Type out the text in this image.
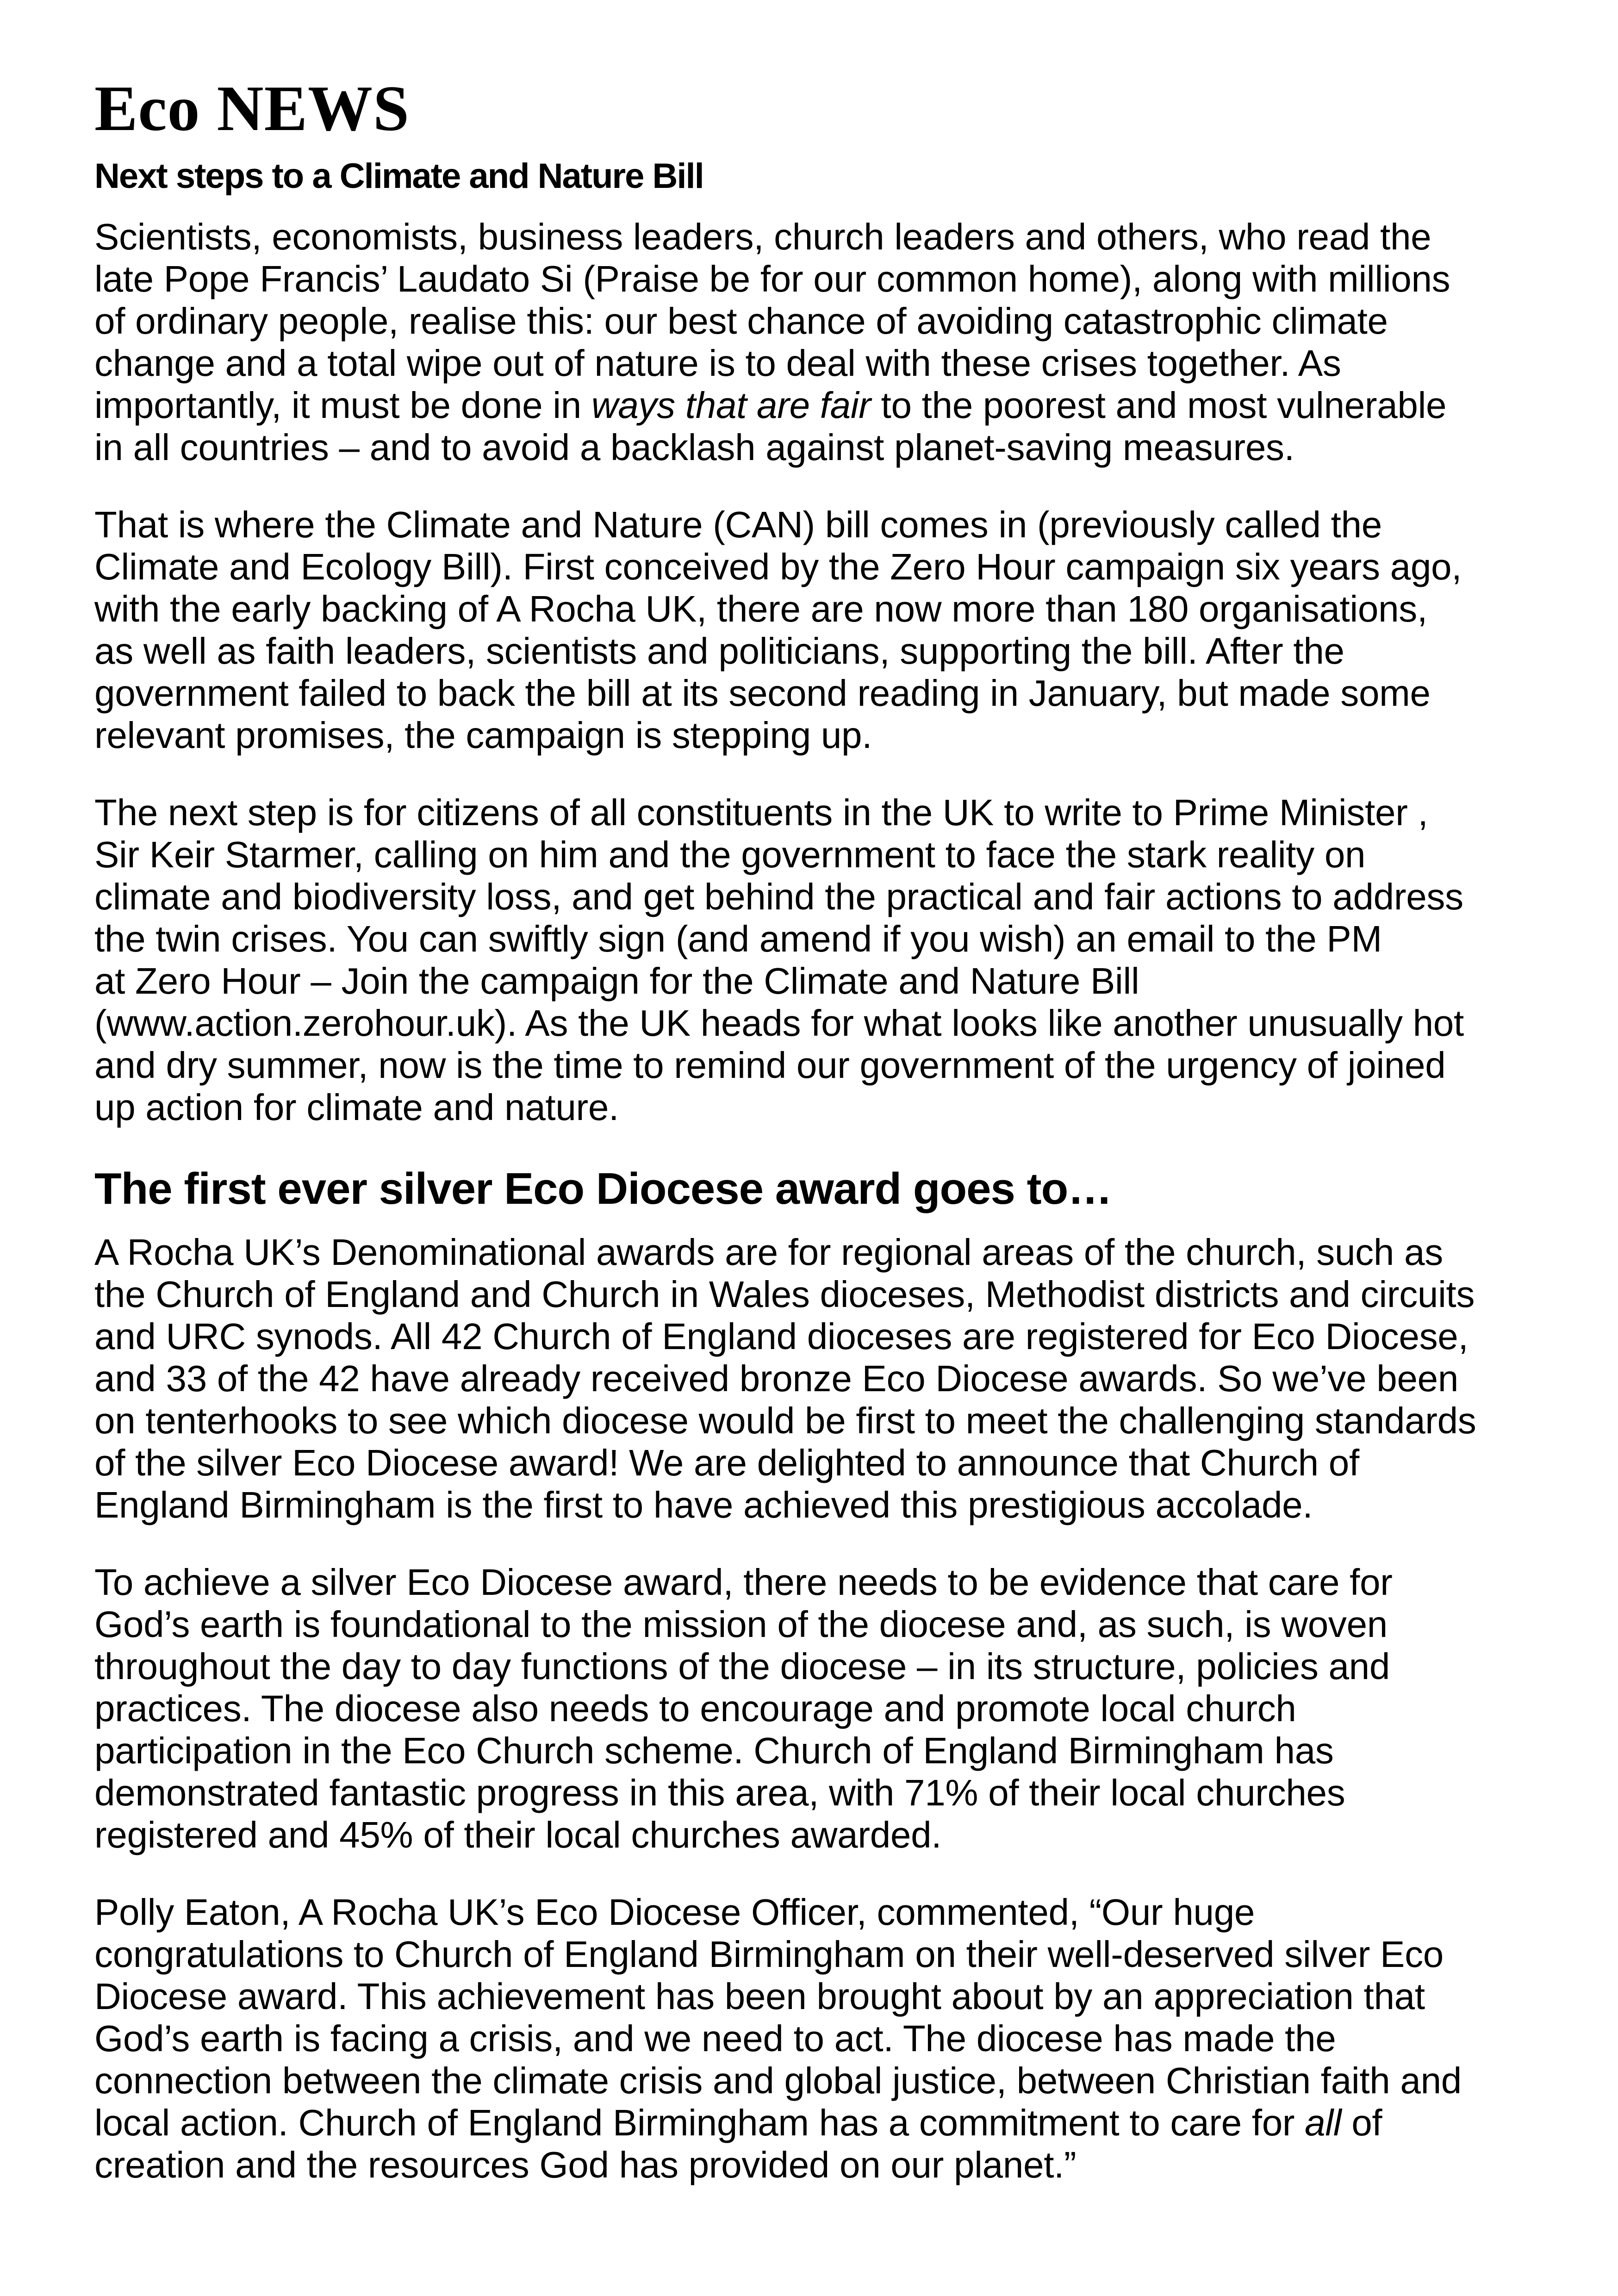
Eco NEWS
Next steps to a Climate and Nature Bill

Scientists, economists, business leaders, church leaders and others, who read the
late Pope Francis’ Laudato Si (Praise be for our common home), along with millions
of ordinary people, realise this: our best chance of avoiding catastrophic climate
change and a total wipe out of nature is to deal with these crises together. As
importantly, it must be done in ways that are fair to the poorest and most vulnerable
in all countries – and to avoid a backlash against planet-saving measures.

That is where the Climate and Nature (CAN) bill comes in (previously called the
Climate and Ecology Bill). First conceived by the Zero Hour campaign six years ago,
with the early backing of A Rocha UK, there are now more than 180 organisations,
as well as faith leaders, scientists and politicians, supporting the bill. After the
government failed to back the bill at its second reading in January, but made some
relevant promises, the campaign is stepping up.

The next step is for citizens of all constituents in the UK to write to Prime Minister ,
Sir Keir Starmer, calling on him and the government to face the stark reality on
climate and biodiversity loss, and get behind the practical and fair actions to address
the twin crises. You can swiftly sign (and amend if you wish) an email to the PM
at Zero Hour – Join the campaign for the Climate and Nature Bill
(www.action.zerohour.uk). As the UK heads for what looks like another unusually hot
and dry summer, now is the time to remind our government of the urgency of joined
up action for climate and nature.

The first ever silver Eco Diocese award goes to…

A Rocha UK’s Denominational awards are for regional areas of the church, such as
the Church of England and Church in Wales dioceses, Methodist districts and circuits
and URC synods. All 42 Church of England dioceses are registered for Eco Diocese,
and 33 of the 42 have already received bronze Eco Diocese awards. So we’ve been
on tenterhooks to see which diocese would be first to meet the challenging standards
of the silver Eco Diocese award! We are delighted to announce that Church of
England Birmingham is the first to have achieved this prestigious accolade.

To achieve a silver Eco Diocese award, there needs to be evidence that care for
God’s earth is foundational to the mission of the diocese and, as such, is woven
throughout the day to day functions of the diocese – in its structure, policies and
practices. The diocese also needs to encourage and promote local church
participation in the Eco Church scheme. Church of England Birmingham has
demonstrated fantastic progress in this area, with 71% of their local churches
registered and 45% of their local churches awarded.

Polly Eaton, A Rocha UK’s Eco Diocese Officer, commented, “Our huge
congratulations to Church of England Birmingham on their well-deserved silver Eco
Diocese award. This achievement has been brought about by an appreciation that
God’s earth is facing a crisis, and we need to act. The diocese has made the
connection between the climate crisis and global justice, between Christian faith and
local action. Church of England Birmingham has a commitment to care for all of
creation and the resources God has provided on our planet.”
